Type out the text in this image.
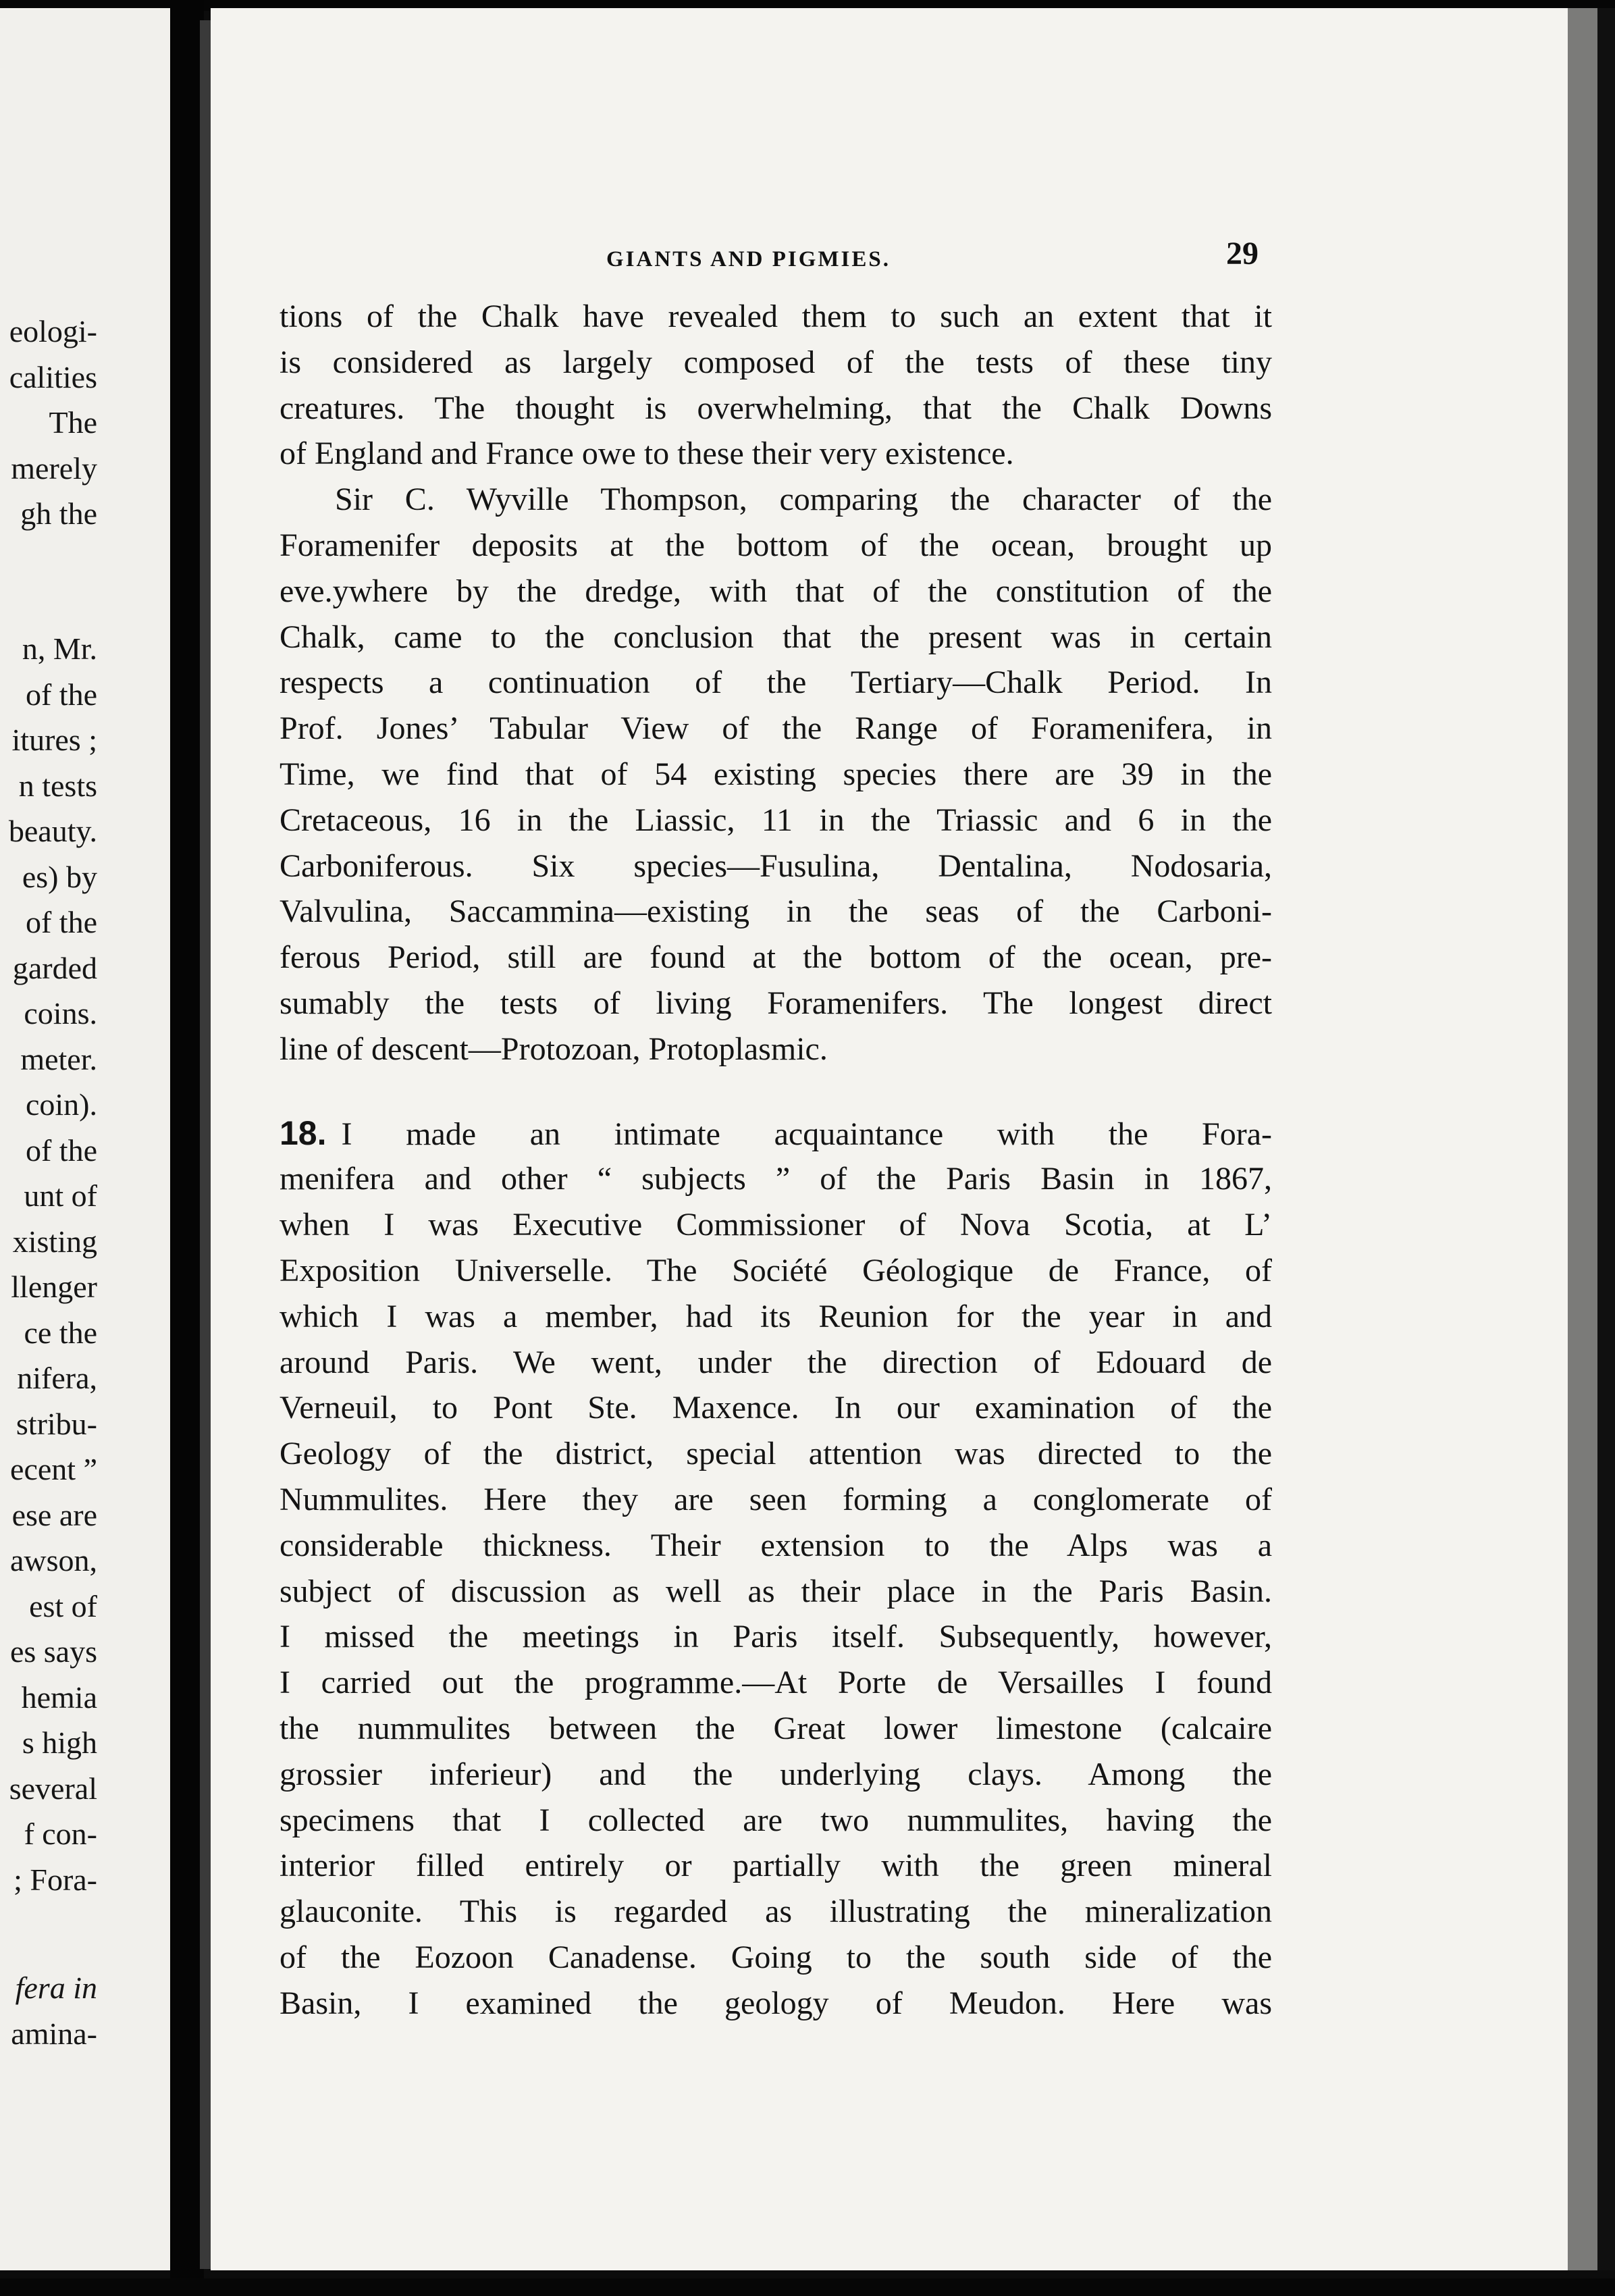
eologi-
calities
The
merely
gh the
n, Mr.
of the
itures ;
n tests
beauty.
es) by
of the
garded
coins.
meter.
coin).
of the
unt of
xisting
llenger
ce the
nifera,
stribu-
ecent ”
ese are
awson,
est of
es says
hemia
s high
several
f con-
; Fora-
fera in
amina-
GIANTS AND PIGMIES.	29
tions of the Chalk have revealed them to such an extent that it
is considered as largely composed of the tests of these tiny
creatures. The thought is overwhelming, that the Chalk Downs
of England and France owe to these their very existence.
Sir C. Wyville Thompson, comparing the character of the
Foramenifer deposits at the bottom of the ocean, brought up
eve.ywhere by the dredge, with that of the constitution of the
Chalk, came to the conclusion that the present was in certain
respects a continuation of the Tertiary—Chalk Period. In
Prof. Jones’ Tabular View of the Range of Foramenifera, in
Time, we find that of 54 existing species there are 39 in the
Cretaceous, 16 in the Liassic, 11 in the Triassic and 6 in the
Carboniferous. Six species—Fusulina, Dentalina, Nodosaria,
Valvulina, Saccammina—existing in the seas of the Carboni-
ferous Period, still are found at the bottom of the ocean, pre-
sumably the tests of living Foramenifers. The longest direct
line of descent—Protozoan, Protoplasmic.
18. I made an intimate acquaintance with the Fora-
menifera and other “ subjects ” of the Paris Basin in 1867,
when I was Executive Commissioner of Nova Scotia, at L’
Exposition Universelle. The Société Géologique de France, of
which I was a member, had its Reunion for the year in and
around Paris. We went, under the direction of Edouard de
Verneuil, to Pont Ste. Maxence. In our examination of the
Geology of the district, special attention was directed to the
Nummulites. Here they are seen forming a conglomerate of
considerable thickness. Their extension to the Alps was a
subject of discussion as well as their place in the Paris Basin.
I missed the meetings in Paris itself. Subsequently, however,
I carried out the programme.—At Porte de Versailles I found
the nummulites between the Great lower limestone (calcaire
grossier inferieur) and the underlying clays. Among the
specimens that I collected are two nummulites, having the
interior filled entirely or partially with the green mineral
glauconite. This is regarded as illustrating the mineralization
of the Eozoon Canadense. Going to the south side of the
Basin, I examined the geology of Meudon. Here was
